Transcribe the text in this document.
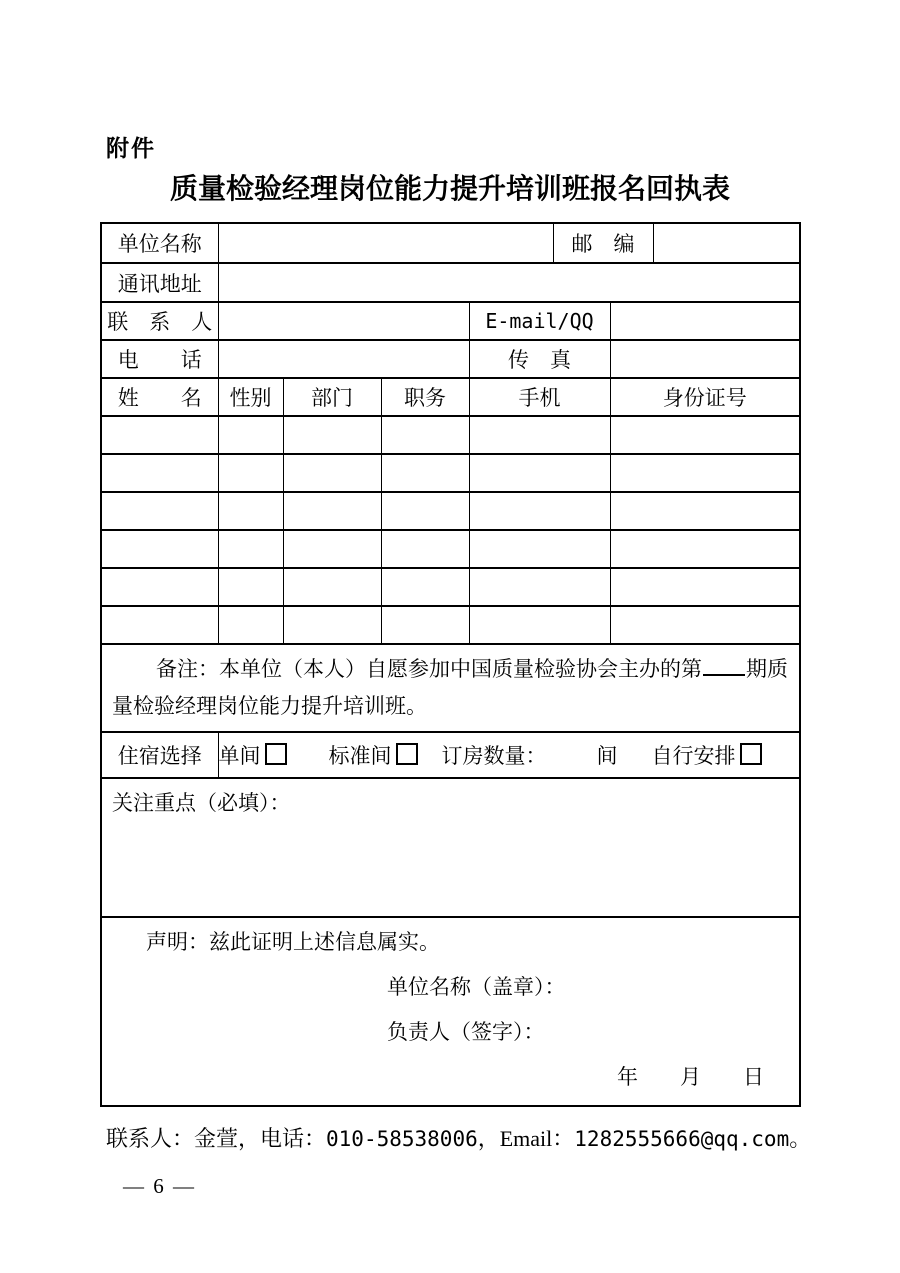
附件
质量检验经理岗位能力提升培训班报名回执表
单位名称					邮　编		
通讯地址							
联　系　人				E-mail/QQ			
电　　话				传　真			
姓　　名	性别	部门	职务	手机		身份证号	

备注：本单位（本人）自愿参加中国质量检验协会主办的第 期质量检验经理岗位能力提升培训班。							

住宿选择	单间 标准间 订房数量： 间 自行安排						

关注重点（必填）：							

声明：兹此证明上述信息属实。
单位名称（盖章）：
负责人（签字）：
年　　月　　日							
联系人：金萱，电话：010-58538006，Email：1282555666@qq.com。
— 6 —
